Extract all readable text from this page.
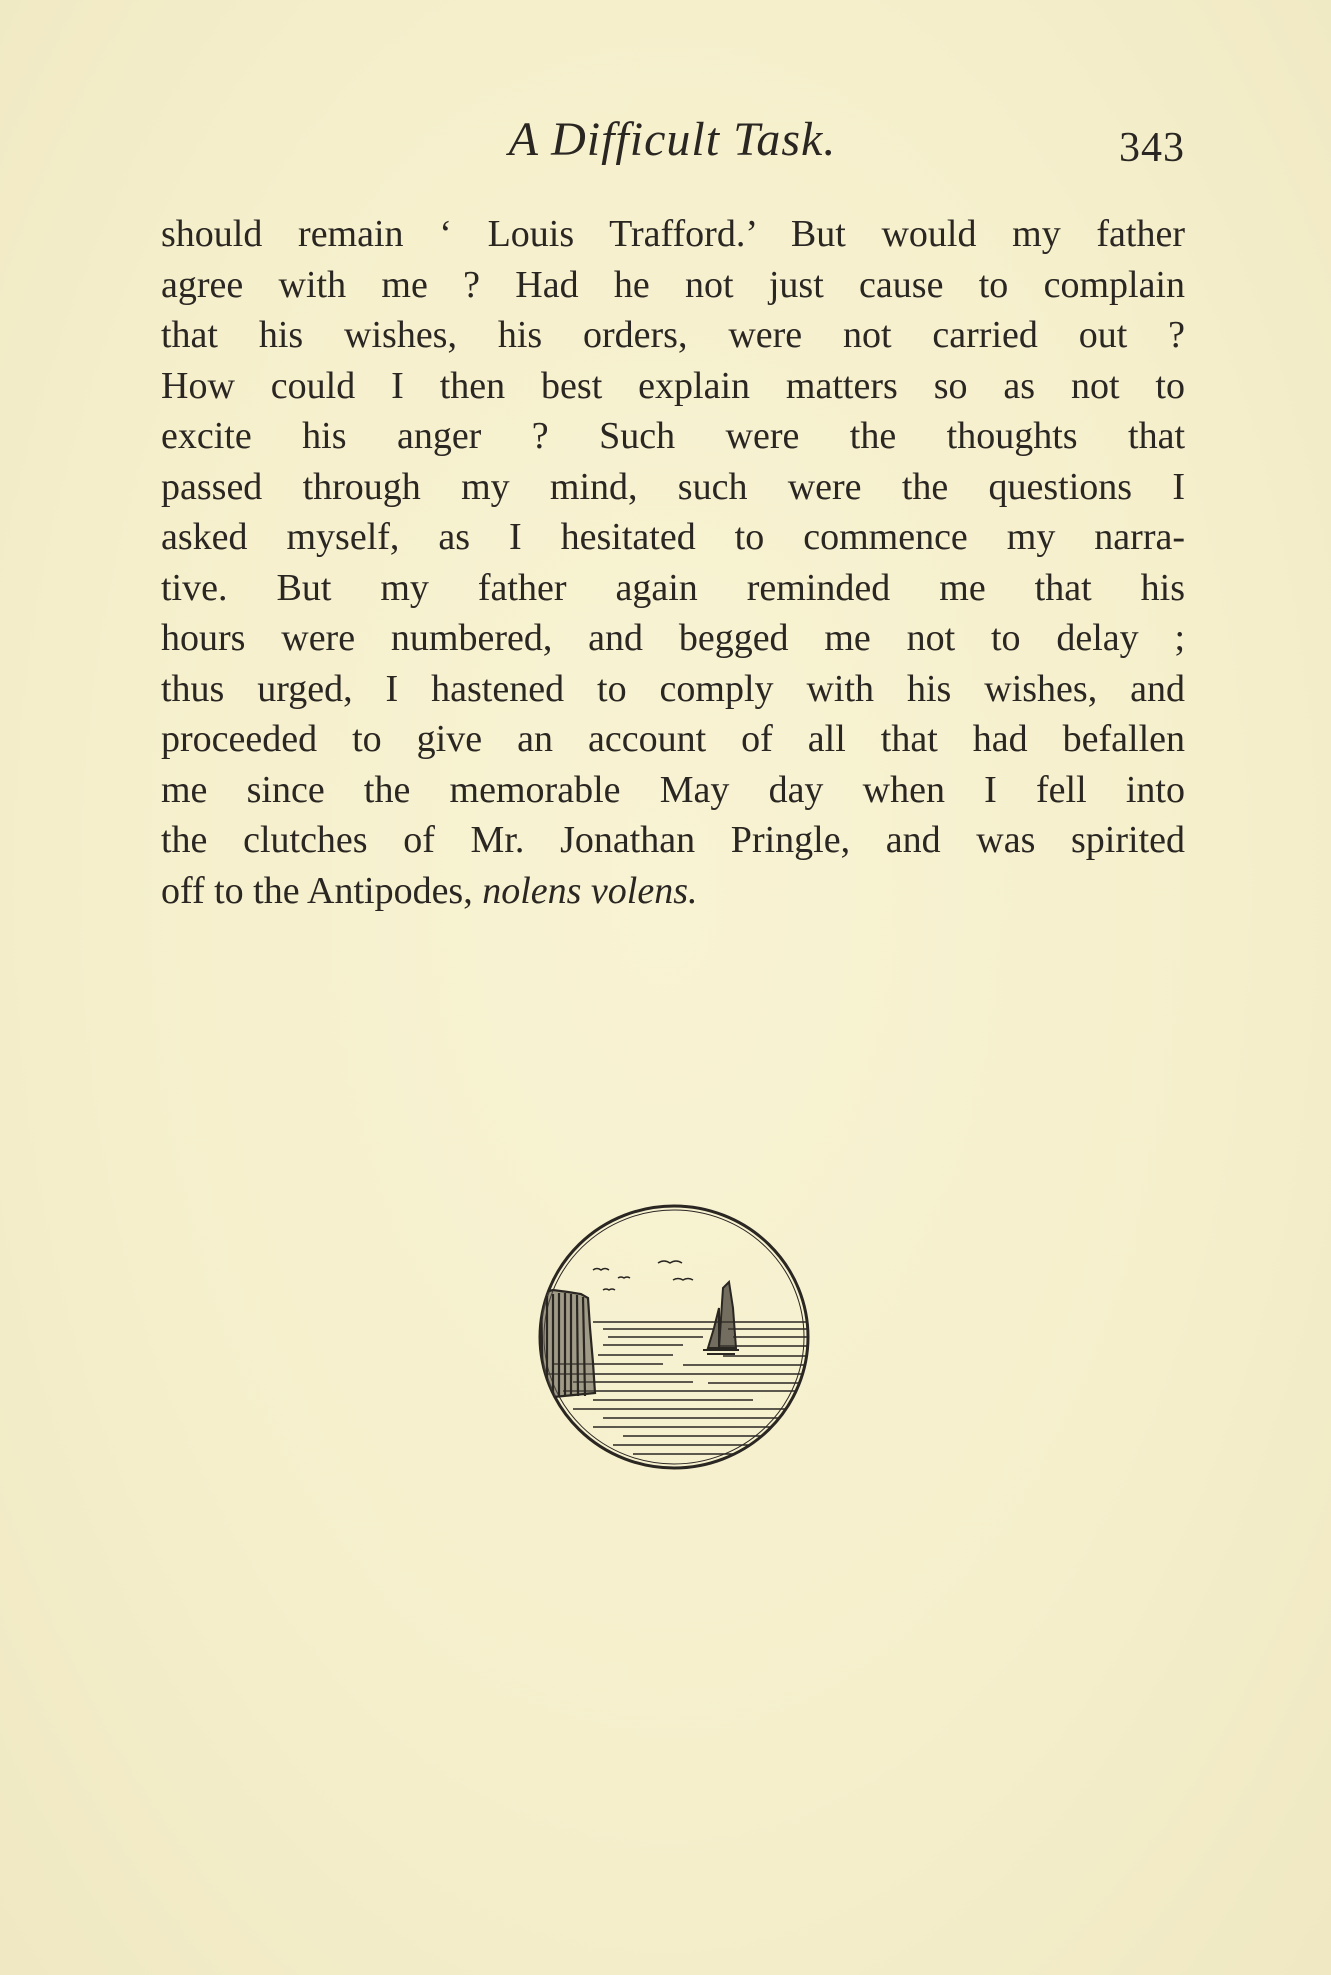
A Difficult Task.	343
should remain ‘ Louis Trafford.’ But would my father
agree with me ? Had he not just cause to complain
that his wishes, his orders, were not carried out ?
How could I then best explain matters so as not to
excite his anger ? Such were the thoughts that
passed through my mind, such were the questions I
asked myself, as I hesitated to commence my narra-
tive. But my father again reminded me that his
hours were numbered, and begged me not to delay ;
thus urged, I hastened to comply with his wishes, and
proceeded to give an account of all that had befallen
me since the memorable May day when I fell into
the clutches of Mr. Jonathan Pringle, and was spirited
off to the Antipodes, nolens volens.
